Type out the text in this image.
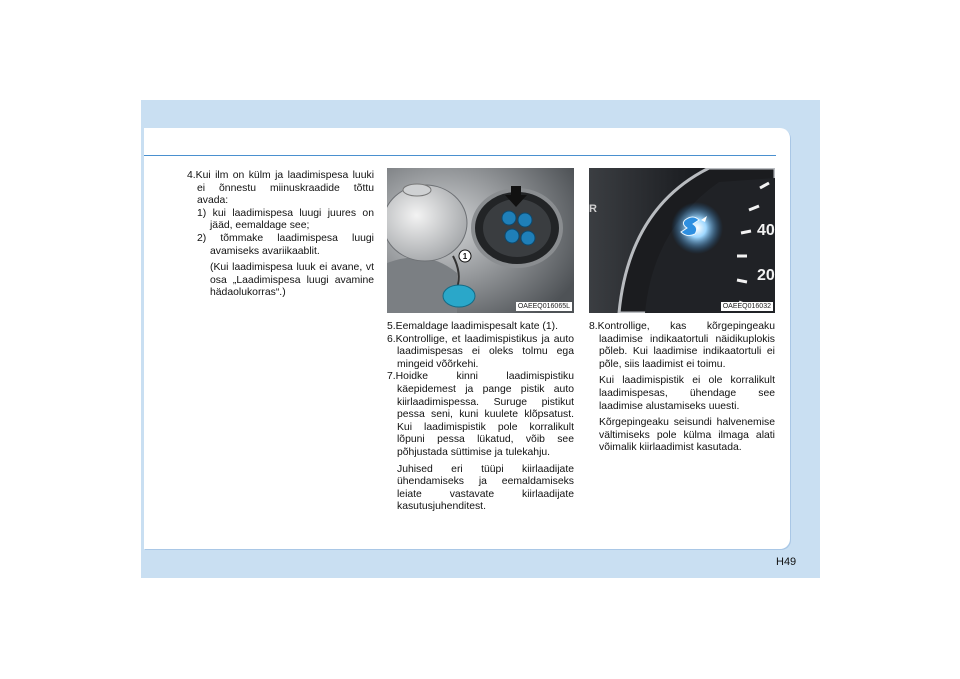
4.Kui ilm on külm ja laadimispesa luuki ei õnnestu miinuskraadide tõttu avada:
1) kui laadimispesa luugi juures on jääd, eemaldage see;
2) tõmmake laadimispesa luugi avamiseks avariikaablit.
(Kui laadimispesa luuk ei avane, vt osa „Laadimispesa luugi avamine hädaolukorras“.)
1
OAEEQ016065L
40
20
R
OAEEQ016032
5.Eemaldage laadimispesalt kate (1).
6.Kontrollige, et laadimispistikus ja auto laadimispesas ei oleks tolmu ega mingeid võõrkehi.
7.Hoidke kinni laadimispistiku käepidemest ja pange pistik auto kiirlaadimispessa. Suruge pistikut pessa seni, kuni kuulete klõpsatust. Kui laadimispistik pole korralikult lõpuni pessa lükatud, võib see põhjustada süttimise ja tulekahju.
Juhised eri tüüpi kiirlaadijate ühendamiseks ja eemaldamiseks leiate vastavate kiirlaadijate kasutusjuhenditest.
8.Kontrollige, kas kõrgepingeaku laadimise indikaatortuli näidikuplokis põleb. Kui laadimise indikaatortuli ei põle, siis laadimist ei toimu.
Kui laadimispistik ei ole korralikult laadimispesas, ühendage see laadimise alustamiseks uuesti.
Kõrgepingeaku seisundi halvenemise vältimiseks pole külma ilmaga alati võimalik kiirlaadimist kasutada.
H49
